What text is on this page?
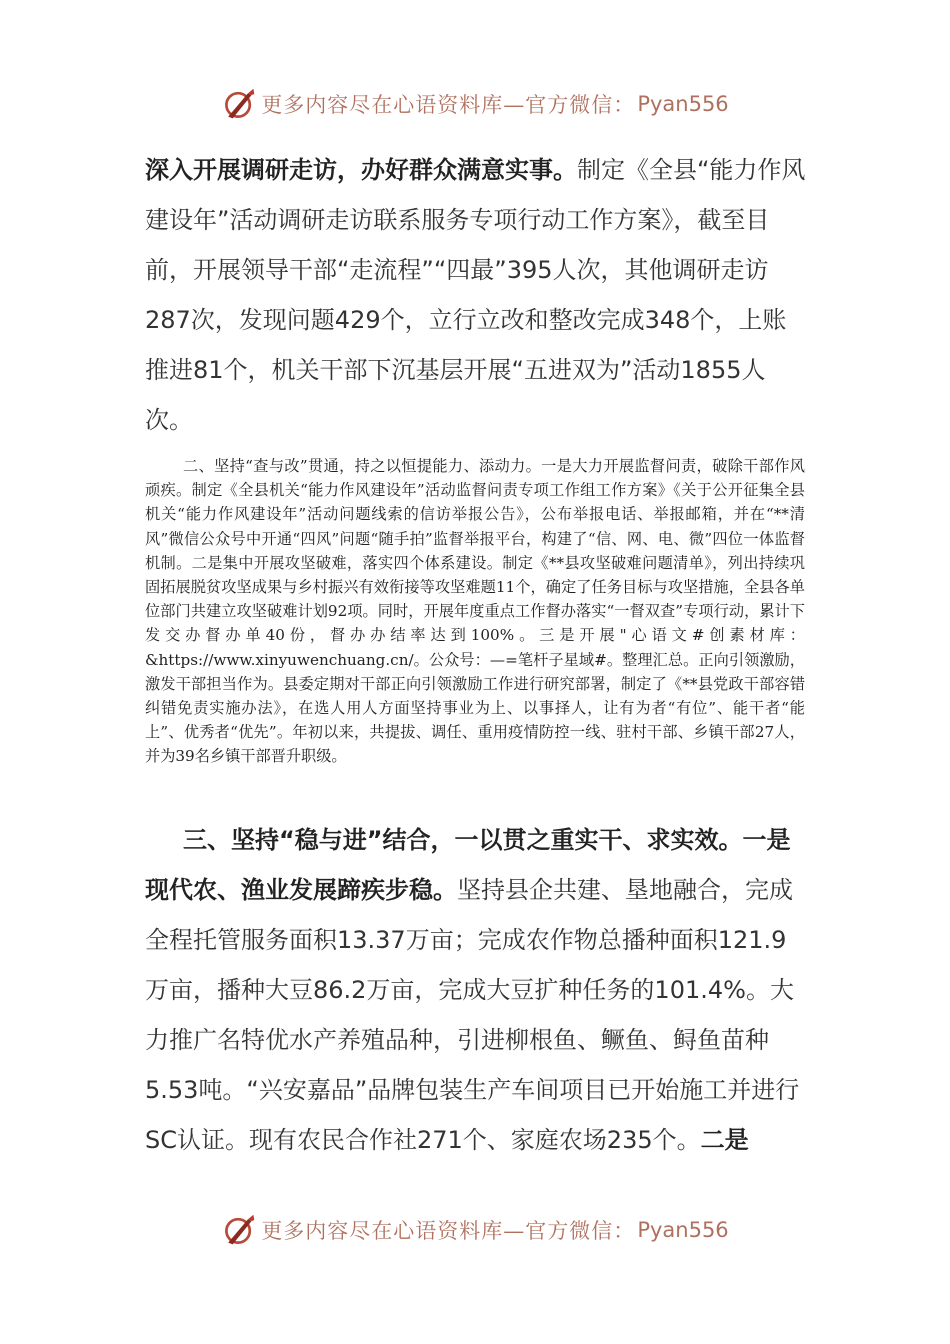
更多内容尽在心语资料库—官方微信： Pyan556

深入开展调研走访，办好群众满意实事。制定《全县“能力作风建设年”活动调研走访联系服务专项行动工作方案》，截至目前，开展领导干部“走流程”“四最”395人次，其他调研走访287次，发现问题429个，立行立改和整改完成348个，上账推进81个，机关干部下沉基层开展“五进双为”活动1855人次。

二、坚持“查与改”贯通，持之以恒提能力、添动力。一是大力开展监督问责，破除干部作风顽疾。制定《全县机关“能力作风建设年”活动监督问责专项工作组工作方案》《关于公开征集全县机关“能力作风建设年”活动问题线索的信访举报公告》，公布举报电话、举报邮箱，并在“**清风”微信公众号中开通“四风”问题“随手拍”监督举报平台，构建了“信、网、电、微”四位一体监督机制。二是集中开展攻坚破难，落实四个体系建设。制定《**县攻坚破难问题清单》，列出持续巩固拓展脱贫攻坚成果与乡村振兴有效衔接等攻坚难题11个，确定了任务目标与攻坚措施，全县各单位部门共建立攻坚破难计划92项。同时，开展年度重点工作督办落实“一督双查”专项行动，累计下发交办督办单40份，督办办结率达到100%。三是开展"心语文#创素材库：&https://www.xinyuwenchuang.cn/。公众号：—=笔杆子星域#。整理汇总。正向引领激励，激发干部担当作为。县委定期对干部正向引领激励工作进行研究部署，制定了《**县党政干部容错纠错免责实施办法》，在选人用人方面坚持事业为上、以事择人，让有为者“有位”、能干者“能上”、优秀者“优先”。年初以来，共提拔、调任、重用疫情防控一线、驻村干部、乡镇干部27人，并为39名乡镇干部晋升职级。

三、坚持“稳与进”结合，一以贯之重实干、求实效。一是现代农、渔业发展蹄疾步稳。坚持县企共建、垦地融合，完成全程托管服务面积13.37万亩；完成农作物总播种面积121.9万亩，播种大豆86.2万亩，完成大豆扩种任务的101.4%。大力推广名特优水产养殖品种，引进柳根鱼、鳜鱼、鲟鱼苗种5.53吨。“兴安嘉品”品牌包装生产车间项目已开始施工并进行SC认证。现有农民合作社271个、家庭农场235个。二是

更多内容尽在心语资料库—官方微信： Pyan556
